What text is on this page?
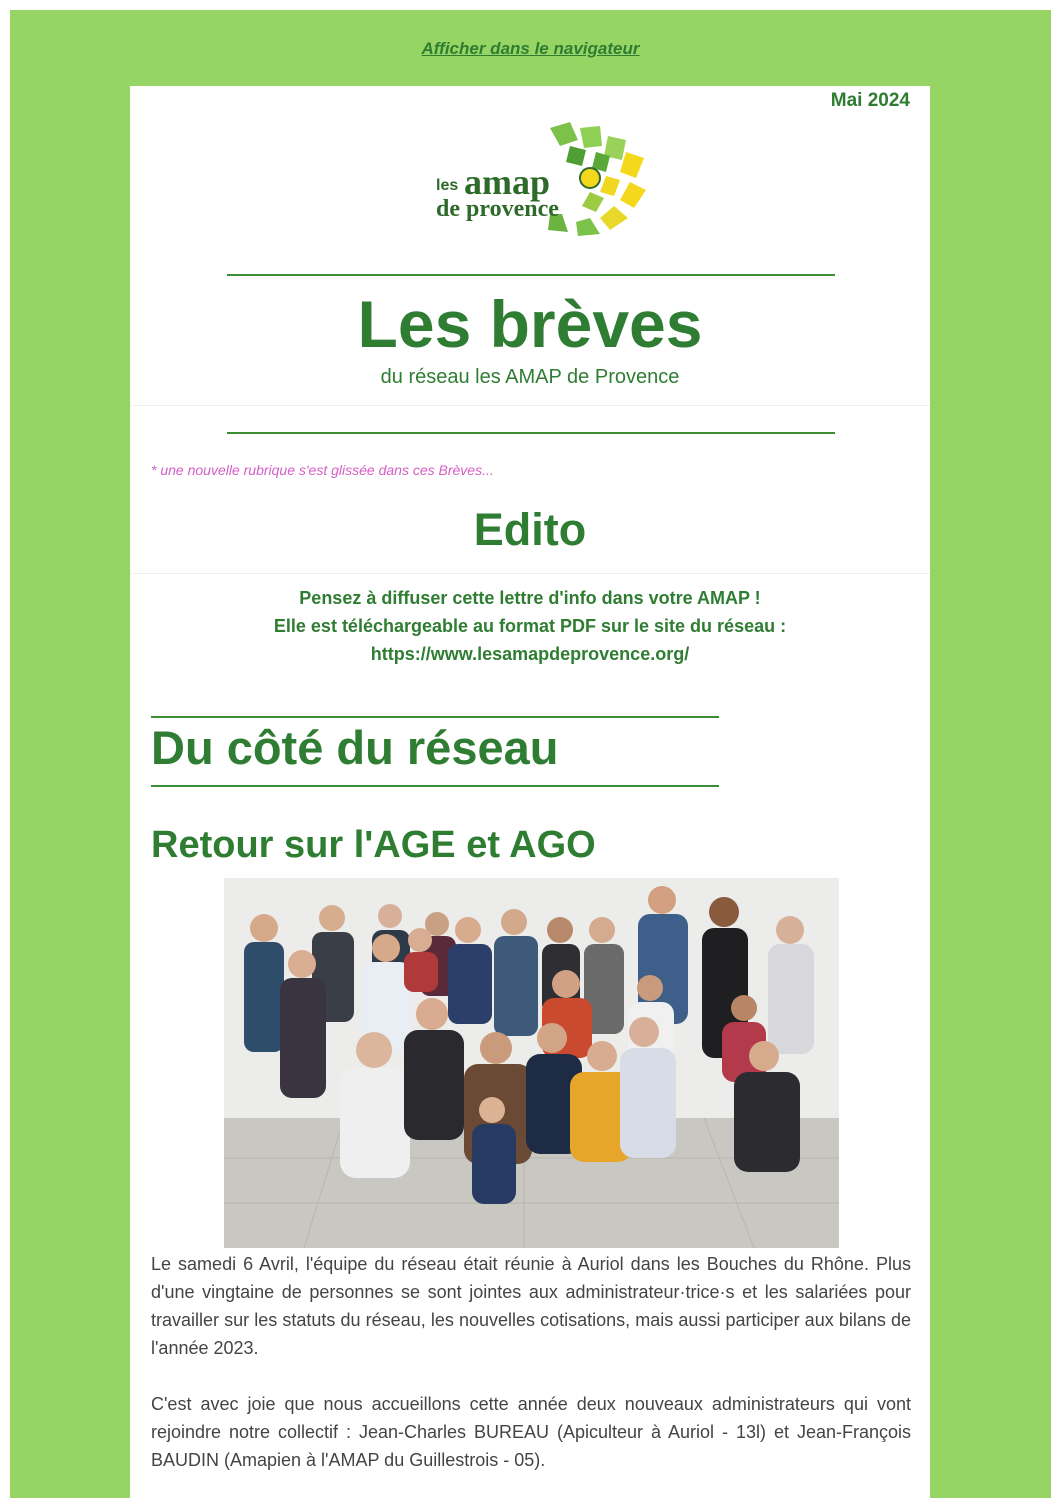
Afficher dans le navigateur
Mai 2024
les amap
de provence
Les brèves
du réseau les AMAP de Provence
* une nouvelle rubrique s'est glissée dans ces Brèves...
Edito
Pensez à diffuser cette lettre d'info dans votre AMAP !
Elle est téléchargeable au format PDF sur le site du réseau :
https://www.lesamapdeprovence.org/
Du côté du réseau
Retour sur l'AGE et AGO
Le samedi 6 Avril, l'équipe du réseau était réunie à Auriol dans les Bouches du Rhône. Plus d'une vingtaine de personnes se sont jointes aux administrateur·trice·s et les salariées pour travailler sur les statuts du réseau, les nouvelles cotisations, mais aussi participer aux bilans de l'année 2023.
C'est avec joie que nous accueillons cette année deux nouveaux administrateurs qui vont rejoindre notre collectif : Jean-Charles BUREAU (Apiculteur à Auriol - 13l) et Jean-François BAUDIN (Amapien à l'AMAP du Guillestrois - 05).
